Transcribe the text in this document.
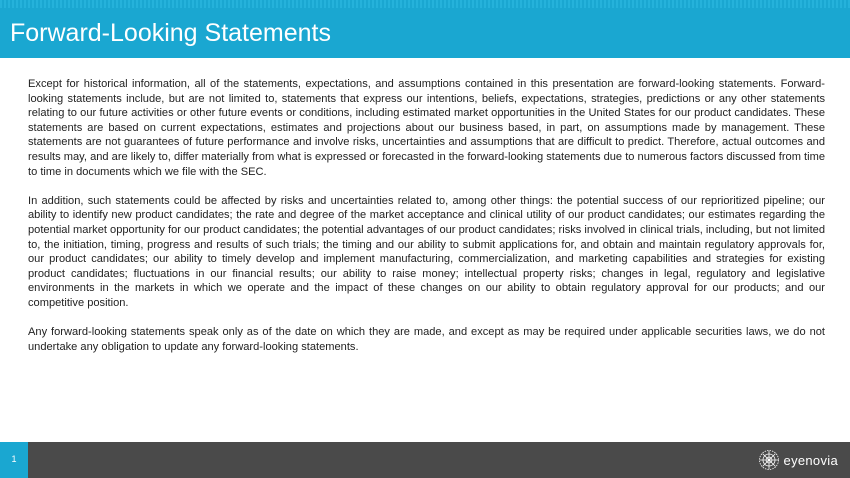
Forward-Looking Statements

Except for historical information, all of the statements, expectations, and assumptions contained in this presentation are forward-looking statements. Forward-looking statements include, but are not limited to, statements that express our intentions, beliefs, expectations, strategies, predictions or any other statements relating to our future activities or other future events or conditions, including estimated market opportunities in the United States for our product candidates. These statements are based on current expectations, estimates and projections about our business based, in part, on assumptions made by management. These statements are not guarantees of future performance and involve risks, uncertainties and assumptions that are difficult to predict. Therefore, actual outcomes and results may, and are likely to, differ materially from what is expressed or forecasted in the forward-looking statements due to numerous factors discussed from time to time in documents which we file with the SEC.

In addition, such statements could be affected by risks and uncertainties related to, among other things: the potential success of our reprioritized pipeline; our ability to identify new product candidates; the rate and degree of the market acceptance and clinical utility of our product candidates; our estimates regarding the potential market opportunity for our product candidates; the potential advantages of our product candidates; risks involved in clinical trials, including, but not limited to, the initiation, timing, progress and results of such trials; the timing and our ability to submit applications for, and obtain and maintain regulatory approvals for, our product candidates; our ability to timely develop and implement manufacturing, commercialization, and marketing capabilities and strategies for existing product candidates; fluctuations in our financial results; our ability to raise money; intellectual property risks; changes in legal, regulatory and legislative environments in the markets in which we operate and the impact of these changes on our ability to obtain regulatory approval for our products; and our competitive position.

Any forward-looking statements speak only as of the date on which they are made, and except as may be required under applicable securities laws, we do not undertake any obligation to update any forward-looking statements.

1	eyenovia
